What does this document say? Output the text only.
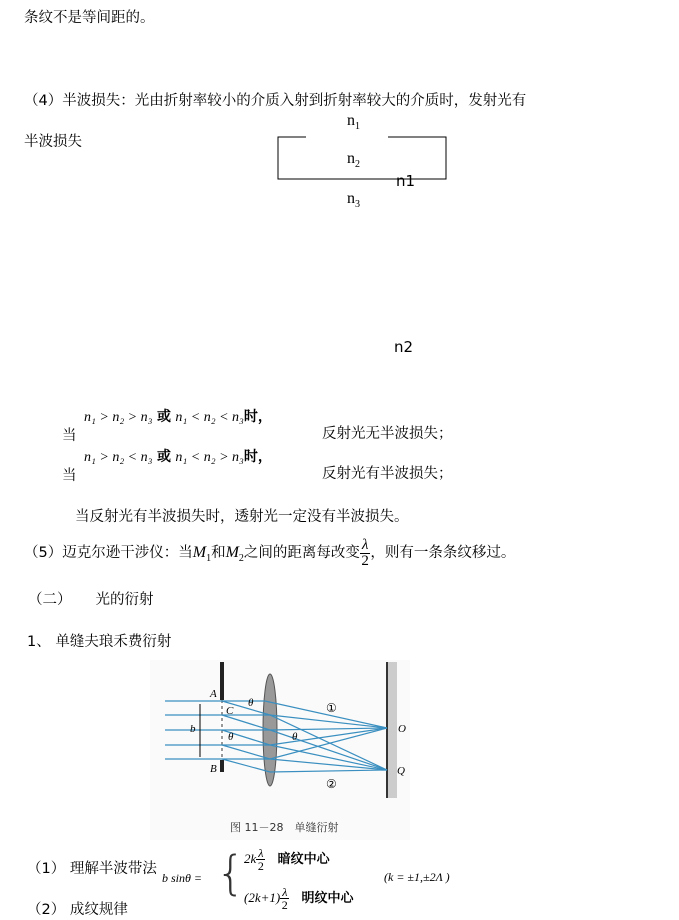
条纹不是等间距的。
（4）半波损失：光由折射率较小的介质入射到折射率较大的介质时，发射光有
半波损失
$n_1$
$n_2$
$n_3$
n1
n2
当
n₁ > n₂ > n₃ 或 n₁ < n₂ < n₃时，
反射光无半波损失；
当
n₁ > n₂ < n₃ 或 n₁ < n₂ > n₃时，
反射光有半波损失；
当反射光有半波损失时，透射光一定没有半波损失。
（5）迈克尔逊干涉仪：当$M_1$和$M_2$之间的距离每改变 $\frac{\lambda}{2}$ ，则有一条条纹移过。
（二） 光的衍射
1、 单缝夫琅禾费衍射
A
B
C
b
θ
θ
θ
O
Q
①
②
图 11－28　单缝衍射
（1） 理解半波带法
（2） 成纹规律
b sinθ = {
$2k \frac{\lambda}{2}$ 暗纹中心
$(2k+1) \frac{\lambda}{2}$ 明纹中心
(k = ±1,±2Λ )
